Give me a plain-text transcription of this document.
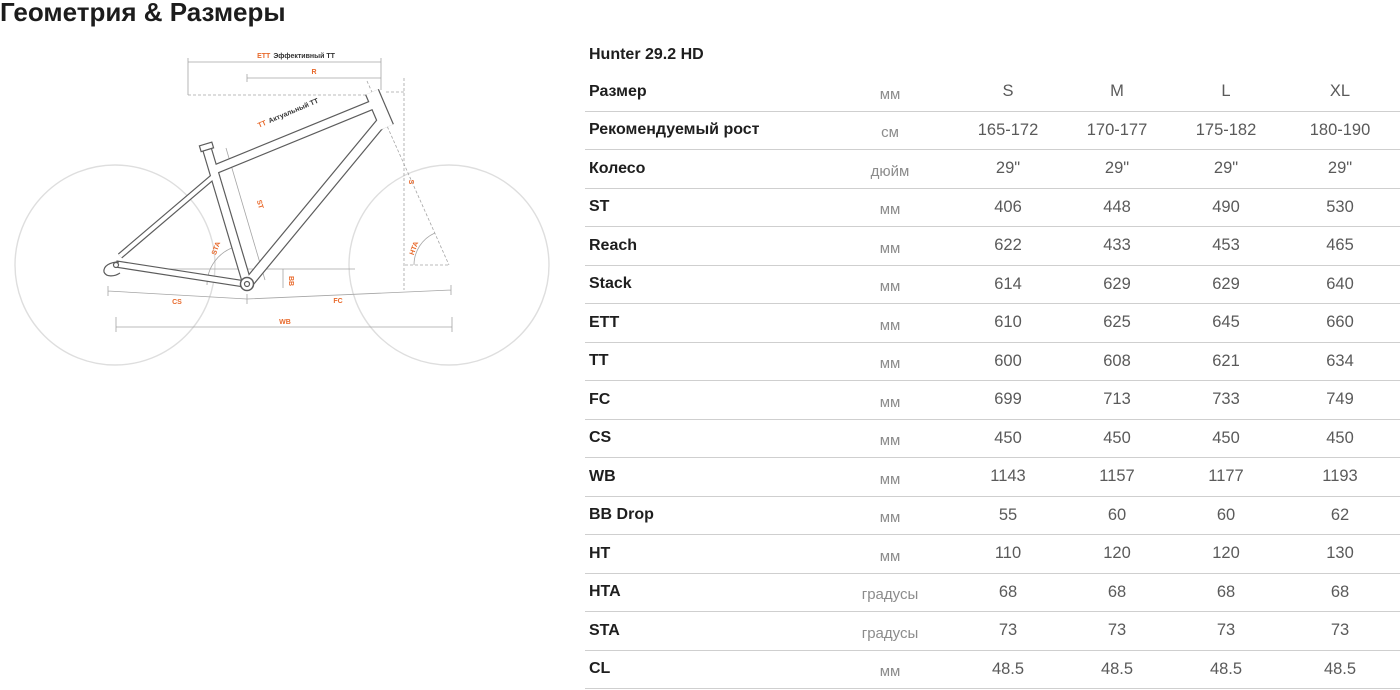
Геометрия & Размеры
ETT Эффективный TT
R
TTАктуальный TT
ST
STA	HTA
S
BB
CS	FC
WB
Hunter 29.2 HD
Размер	мм	S	M	L	XL
Рекомендуемый рост	см	165-172	170-177	175-182	180-190
Колесо	дюйм	29"	29"	29"	29"
ST	мм	406	448	490	530
Reach	мм	622	433	453	465
Stack	мм	614	629	629	640
ETT	мм	610	625	645	660
TT	мм	600	608	621	634
FC	мм	699	713	733	749
CS	мм	450	450	450	450
WB	мм	1143	1157	1177	1193
BB Drop	мм	55	60	60	62
HT	мм	110	120	120	130
HTA	градусы	68	68	68	68
STA	градусы	73	73	73	73
CL	мм	48.5	48.5	48.5	48.5
